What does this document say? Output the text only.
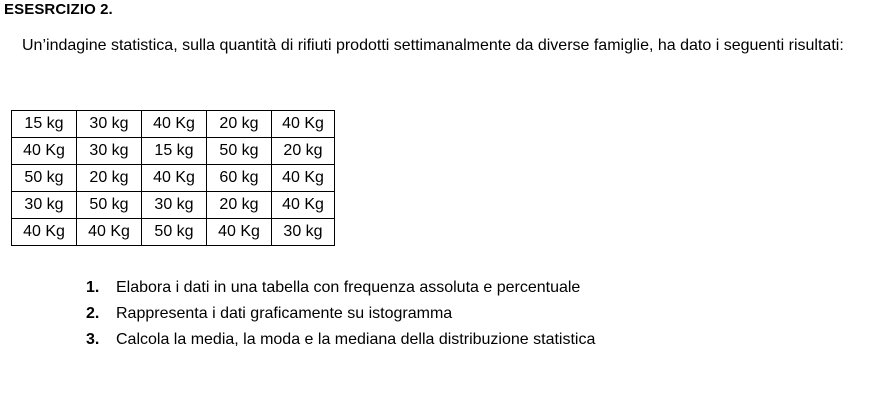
ESESRCIZIO 2.
Un’indagine statistica, sulla quantità di rifiuti prodotti settimanalmente da diverse famiglie, ha dato i seguenti risultati:
15 kg	30 kg	40 Kg	20 kg	40 Kg
40 Kg	30 kg	15 kg	50 kg	20 kg
50 kg	20 kg	40 Kg	60 kg	40 Kg
30 kg	50 kg	30 kg	20 kg	40 Kg
40 Kg	40 Kg	50 kg	40 Kg	30 kg
1. Elabora i dati in una tabella con frequenza assoluta e percentuale
2. Rappresenta i dati graficamente su istogramma
3. Calcola la media, la moda e la mediana della distribuzione statistica
